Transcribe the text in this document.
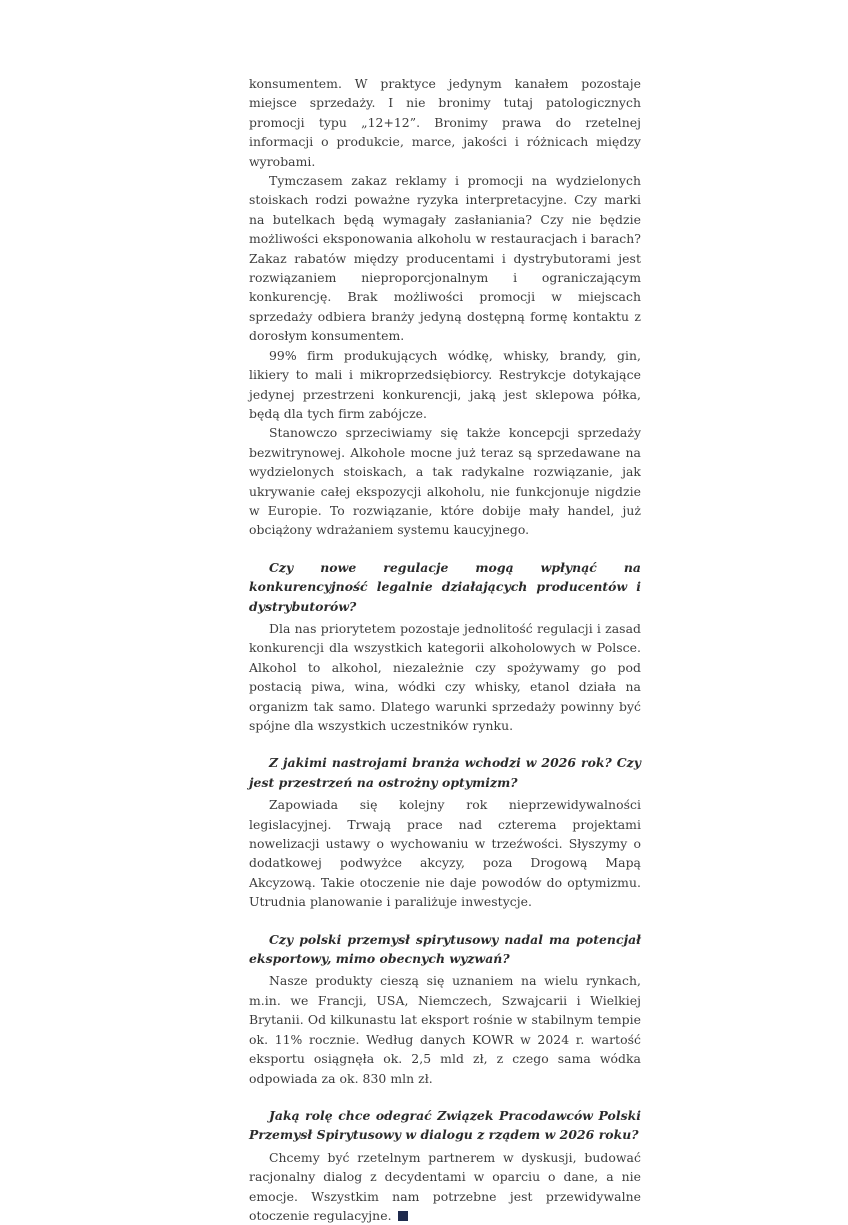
konsumentem. W praktyce jedynym kanałem pozostaje miejsce sprzedaży. I nie bronimy tutaj patologicznych promocji typu „12+12”. Bronimy prawa do rzetelnej informacji o produkcie, marce, jakości i różnicach między wyrobami.

Tymczasem zakaz reklamy i promocji na wydzielonych stoiskach rodzi poważne ryzyka interpretacyjne. Czy marki na butelkach będą wymagały zasłaniania? Czy nie będzie możliwości eksponowania alkoholu w restauracjach i barach? Zakaz rabatów między producentami i dystrybutorami jest rozwiązaniem nieproporcjonalnym i ograniczającym konkurencję. Brak możliwości promocji w miejscach sprzedaży odbiera branży jedyną dostępną formę kontaktu z dorosłym konsumentem.

99% firm produkujących wódkę, whisky, brandy, gin, likiery to mali i mikroprzedsiębiorcy. Restrykcje dotykające jedynej przestrzeni konkurencji, jaką jest sklepowa półka, będą dla tych firm zabójcze.

Stanowczo sprzeciwiamy się także koncepcji sprzedaży bezwitrynowej. Alkohole mocne już teraz są sprzedawane na wydzielonych stoiskach, a tak radykalne rozwiązanie, jak ukrywanie całej ekspozycji alkoholu, nie funkcjonuje nigdzie w Europie. To rozwiązanie, które dobije mały handel, już obciążony wdrażaniem systemu kaucyjnego.

Czy nowe regulacje mogą wpłynąć na konkurencyjność legalnie działających producentów i dystrybutorów?

Dla nas priorytetem pozostaje jednolitość regulacji i zasad konkurencji dla wszystkich kategorii alkoholowych w Polsce. Alkohol to alkohol, niezależnie czy spożywamy go pod postacią piwa, wina, wódki czy whisky, etanol działa na organizm tak samo. Dlatego warunki sprzedaży powinny być spójne dla wszystkich uczestników rynku.

Z jakimi nastrojami branża wchodzi w 2026 rok? Czy jest przestrzeń na ostrożny optymizm?

Zapowiada się kolejny rok nieprzewidywalności legislacyjnej. Trwają prace nad czterema projektami nowelizacji ustawy o wychowaniu w trzeźwości. Słyszymy o dodatkowej podwyżce akcyzy, poza Drogową Mapą Akcyzową. Takie otoczenie nie daje powodów do optymizmu. Utrudnia planowanie i paraliżuje inwestycje.

Czy polski przemysł spirytusowy nadal ma potencjał eksportowy, mimo obecnych wyzwań?

Nasze produkty cieszą się uznaniem na wielu rynkach, m.in. we Francji, USA, Niemczech, Szwajcarii i Wielkiej Brytanii. Od kilkunastu lat eksport rośnie w stabilnym tempie ok. 11% rocznie. Według danych KOWR w 2024 r. wartość eksportu osiągnęła ok. 2,5 mld zł, z czego sama wódka odpowiada za ok. 830 mln zł.

Jaką rolę chce odegrać Związek Pracodawców Polski Przemysł Spirytusowy w dialogu z rządem w 2026 roku?

Chcemy być rzetelnym partnerem w dyskusji, budować racjonalny dialog z decydentami w oparciu o dane, a nie emocje. Wszystkim nam potrzebne jest przewidywalne otoczenie regulacyjne.
